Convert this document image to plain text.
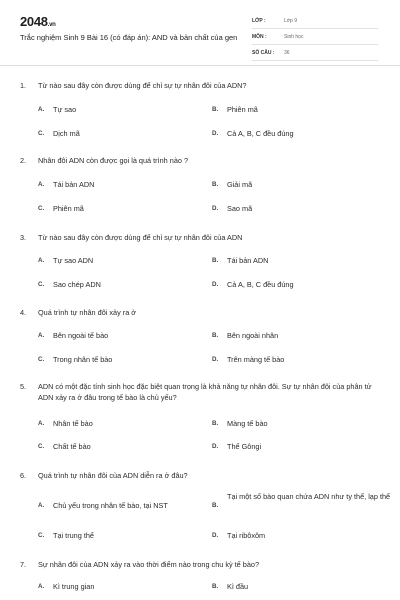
2048.vn
Trắc nghiệm Sinh 9 Bài 16 (có đáp án): AND và bản chất của gen
LỚP :	Lớp 9
MÔN :	Sinh học
SỐ CÂU : 36
1. Từ nào sau đây còn được dùng để chỉ sự tự nhân đôi của ADN?
A. Tự sao	B. Phiên mã
C. Dịch mã	D. Cả A, B, C đều đúng
2. Nhân đôi ADN còn được gọi là quá trình nào ?
A. Tái bản ADN	B. Giải mã
C. Phiên mã	D. Sao mã
3. Từ nào sau đây còn được dùng để chỉ sự tự nhân đôi của ADN
A. Tự sao ADN	B. Tái bản ADN
C. Sao chép ADN	D. Cả A, B, C đều đúng
4. Quá trình tự nhân đôi xảy ra ở
A. Bên ngoài tế bào	B. Bên ngoài nhân
C. Trong nhân tế bào	D. Trên màng tế bào
5. ADN có một đặc tính sinh học đặc biệt quan trọng là khả năng tự nhân đôi. Sự tự nhân đôi của phân tử ADN xảy ra ở đâu trong tế bào là chủ yếu?
A. Nhân tế bào	B. Màng tế bào
C. Chất tế bào	D. Thể Gôngi
6. Quá trình tự nhân đôi của ADN diễn ra ở đâu?
A. Chủ yếu trong nhân tế bào, tại NST	B.
Tại một số bào quan chứa ADN như ty thể, lạp thể
C. Tại trung thể	D. Tại ribôxôm
7. Sự nhân đôi của ADN xảy ra vào thời điểm nào trong chu kỳ tế bào?
A. Kì trung gian	B. Kì đầu
